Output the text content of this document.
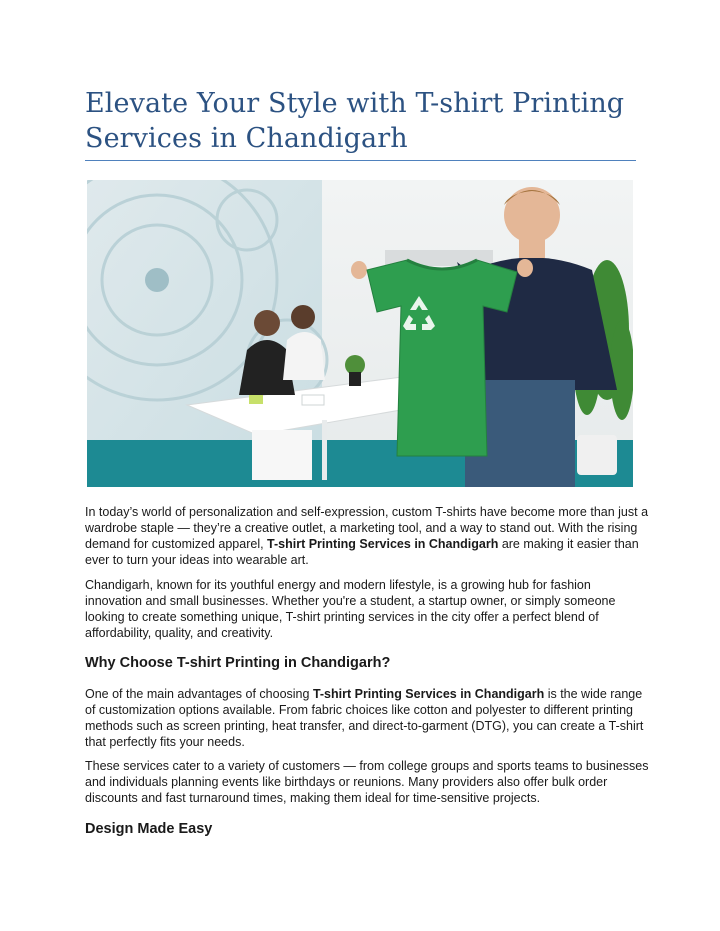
Elevate Your Style with T-shirt Printing Services in Chandigarh

In today’s world of personalization and self-expression, custom T-shirts have become more than just a wardrobe staple — they’re a creative outlet, a marketing tool, and a way to stand out. With the rising demand for customized apparel, T-shirt Printing Services in Chandigarh are making it easier than ever to turn your ideas into wearable art.

Chandigarh, known for its youthful energy and modern lifestyle, is a growing hub for fashion innovation and small businesses. Whether you're a student, a startup owner, or simply someone looking to create something unique, T-shirt printing services in the city offer a perfect blend of affordability, quality, and creativity.

Why Choose T-shirt Printing in Chandigarh?

One of the main advantages of choosing T-shirt Printing Services in Chandigarh is the wide range of customization options available. From fabric choices like cotton and polyester to different printing methods such as screen printing, heat transfer, and direct-to-garment (DTG), you can create a T-shirt that perfectly fits your needs.

These services cater to a variety of customers — from college groups and sports teams to businesses and individuals planning events like birthdays or reunions. Many providers also offer bulk order discounts and fast turnaround times, making them ideal for time-sensitive projects.

Design Made Easy
